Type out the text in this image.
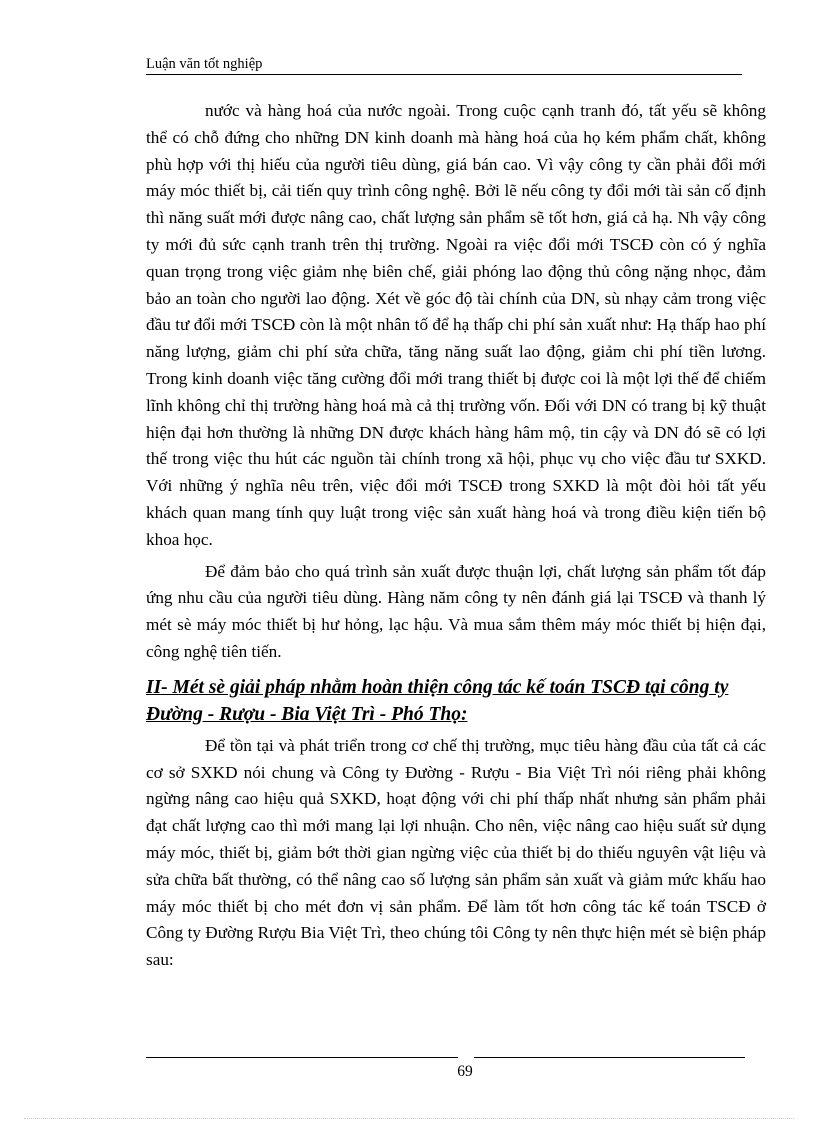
Luận văn tốt nghiệp

nước và hàng hoá của nước ngoài. Trong cuộc cạnh tranh đó, tất yếu sẽ không thể có chỗ đứng cho những DN kinh doanh mà hàng hoá của họ kém phẩm chất, không phù hợp với thị hiếu của người tiêu dùng, giá bán cao. Vì vậy công ty cần phải đổi mới máy móc thiết bị, cải tiến quy trình công nghệ. Bởi lẽ nếu công ty đổi mới tài sản cố định thì năng suất mới được nâng cao, chất lượng sản phẩm sẽ tốt hơn, giá cả hạ. Nh vậy công ty mới đủ sức cạnh tranh trên thị trường. Ngoài ra việc đổi mới TSCĐ còn có ý nghĩa quan trọng trong việc giảm nhẹ biên chế, giải phóng lao động thủ công nặng nhọc, đảm bảo an toàn cho người lao động. Xét về góc độ tài chính của DN, sù nhạy cảm trong việc đầu tư đổi mới TSCĐ còn là một nhân tố để hạ thấp chi phí sản xuất như: Hạ thấp hao phí năng lượng, giảm chi phí sửa chữa, tăng năng suất lao động, giảm chi phí tiền lương. Trong kinh doanh việc tăng cường đổi mới trang thiết bị được coi là một lợi thế để chiếm lĩnh không chỉ thị trường hàng hoá mà cả thị trường vốn. Đối với DN có trang bị kỹ thuật hiện đại hơn thường là những DN được khách hàng hâm mộ, tin cậy và DN đó sẽ có lợi thế trong việc thu hút các nguồn tài chính trong xã hội, phục vụ cho việc đầu tư SXKD. Với những ý nghĩa nêu trên, việc đổi mới TSCĐ trong SXKD là một đòi hỏi tất yếu khách quan mang tính quy luật trong việc sản xuất hàng hoá và trong điều kiện tiến bộ khoa học.

Để đảm bảo cho quá trình sản xuất được thuận lợi, chất lượng sản phẩm tốt đáp ứng nhu cầu của người tiêu dùng. Hàng năm công ty nên đánh giá lại TSCĐ và thanh lý mét sè máy móc thiết bị hư hỏng, lạc hậu. Và mua sắm thêm máy móc thiết bị hiện đại, công nghệ tiên tiến.

II- Mét sè giải pháp nhằm hoàn thiện công tác kế toán TSCĐ tại công ty Đường - Rượu - Bia Việt Trì - Phó Thọ:

Để tồn tại và phát triển trong cơ chế thị trường, mục tiêu hàng đầu của tất cả các cơ sở SXKD nói chung và Công ty Đường - Rượu - Bia Việt Trì nói riêng phải không ngừng nâng cao hiệu quả SXKD, hoạt động với chi phí thấp nhất nhưng sản phẩm phải đạt chất lượng cao thì mới mang lại lợi nhuận. Cho nên, việc nâng cao hiệu suất sử dụng máy móc, thiết bị, giảm bớt thời gian ngừng việc của thiết bị do thiếu nguyên vật liệu và sửa chữa bất thường, có thể nâng cao số lượng sản phẩm sản xuất và giảm mức khấu hao máy móc thiết bị cho mét đơn vị sản phẩm. Để làm tốt hơn công tác kế toán TSCĐ ở Công ty Đường Rượu Bia Việt Trì, theo chúng tôi Công ty nên thực hiện mét sè biện pháp sau:

69
